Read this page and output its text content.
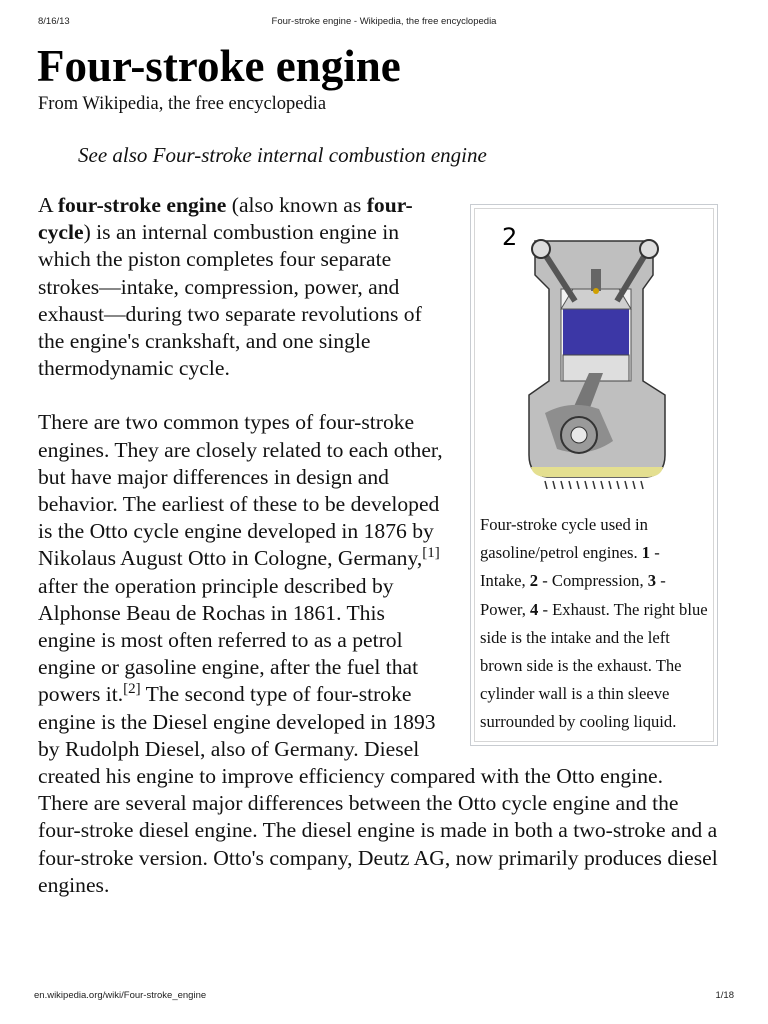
8/16/13	Four-stroke engine - Wikipedia, the free encyclopedia
Four-stroke engine

From Wikipedia, the free encyclopedia

See also Four-stroke internal combustion engine

2
Four-stroke cycle used in gasoline/petrol engines. 1 - Intake, 2 - Compression, 3 - Power, 4 - Exhaust. The right blue side is the intake and the left brown side is the exhaust. The cylinder wall is a thin sleeve surrounded by cooling liquid.

A four-stroke engine (also known as four-cycle) is an internal combustion engine in which the piston completes four separate strokes—intake, compression, power, and exhaust—during two separate revolutions of the engine's crankshaft, and one single thermodynamic cycle.

There are two common types of four-stroke engines. They are closely related to each other, but have major differences in design and behavior. The earliest of these to be developed is the Otto cycle engine developed in 1876 by Nikolaus August Otto in Cologne, Germany,[1] after the operation principle described by Alphonse Beau de Rochas in 1861. This engine is most often referred to as a petrol engine or gasoline engine, after the fuel that powers it.[2] The second type of four-stroke engine is the Diesel engine developed in 1893 by Rudolph Diesel, also of Germany. Diesel created his engine to improve efficiency compared with the Otto engine. There are several major differences between the Otto cycle engine and the four-stroke diesel engine. The diesel engine is made in both a two-stroke and a four-stroke version. Otto's company, Deutz AG, now primarily produces diesel engines.

en.wikipedia.org/wiki/Four-stroke_engine	1/18
